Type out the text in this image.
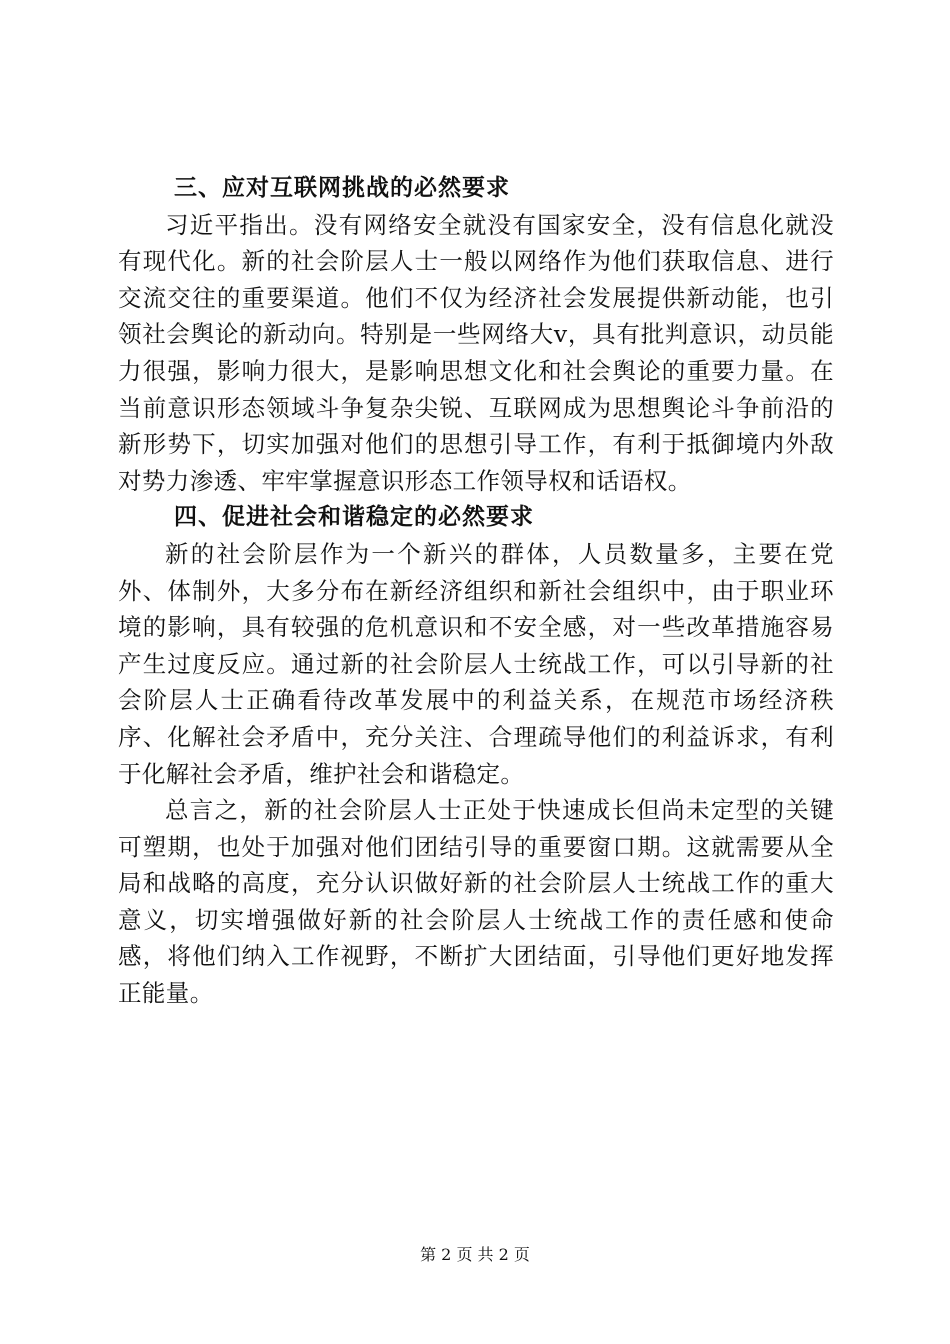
三、应对互联网挑战的必然要求

习近平指出。没有网络安全就没有国家安全，没有信息化就没有现代化。新的社会阶层人士一般以网络作为他们获取信息、进行交流交往的重要渠道。他们不仅为经济社会发展提供新动能，也引领社会舆论的新动向。特别是一些网络大v，具有批判意识，动员能力很强，影响力很大，是影响思想文化和社会舆论的重要力量。在当前意识形态领域斗争复杂尖锐、互联网成为思想舆论斗争前沿的新形势下，切实加强对他们的思想引导工作，有利于抵御境内外敌对势力渗透、牢牢掌握意识形态工作领导权和话语权。

四、促进社会和谐稳定的必然要求

新的社会阶层作为一个新兴的群体，人员数量多，主要在党外、体制外，大多分布在新经济组织和新社会组织中，由于职业环境的影响，具有较强的危机意识和不安全感，对一些改革措施容易产生过度反应。通过新的社会阶层人士统战工作，可以引导新的社会阶层人士正确看待改革发展中的利益关系，在规范市场经济秩序、化解社会矛盾中，充分关注、合理疏导他们的利益诉求，有利于化解社会矛盾，维护社会和谐稳定。

总言之，新的社会阶层人士正处于快速成长但尚未定型的关键可塑期，也处于加强对他们团结引导的重要窗口期。这就需要从全局和战略的高度，充分认识做好新的社会阶层人士统战工作的重大意义，切实增强做好新的社会阶层人士统战工作的责任感和使命感，将他们纳入工作视野，不断扩大团结面，引导他们更好地发挥正能量。

第 2 页 共 2 页
